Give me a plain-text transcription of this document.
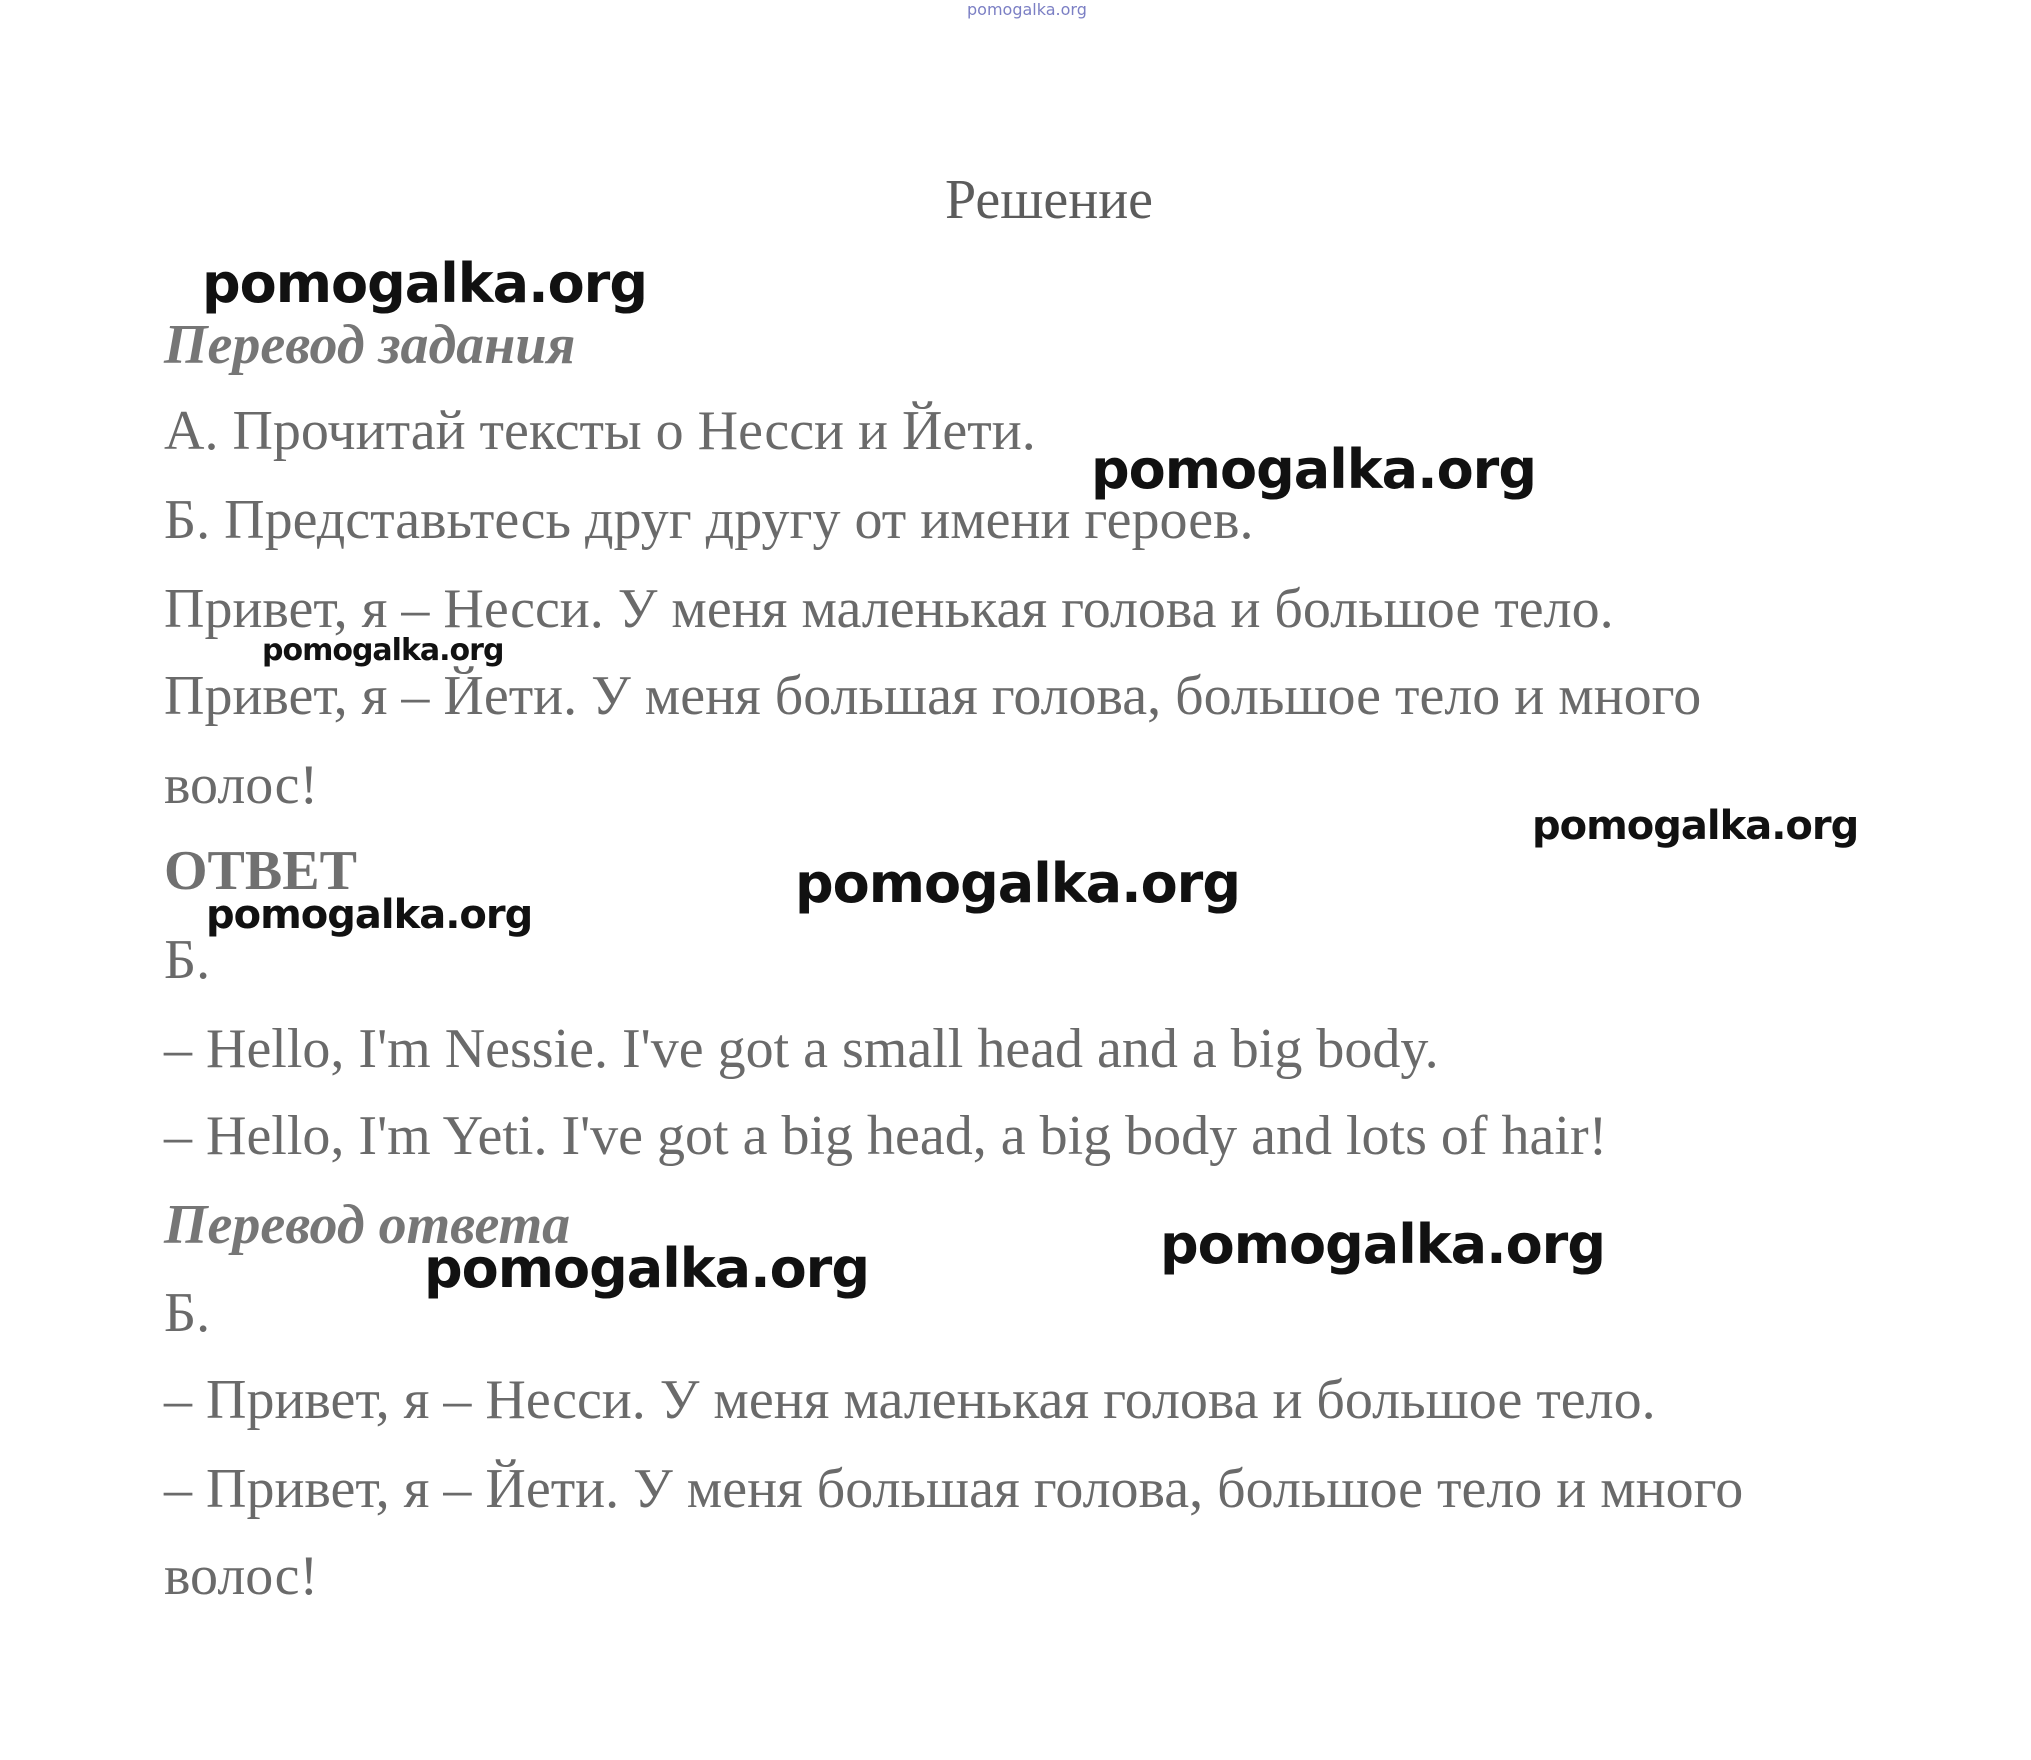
pomogalka.org
Решение
Перевод задания
А. Прочитай тексты о Несси и Йети.
Б. Представьтесь друг другу от имени героев.
Привет, я – Несси. У меня маленькая голова и большое тело.
Привет, я – Йети. У меня большая голова, большое тело и много
волос!
ОТВЕТ
Б.
– Hello, I'm Nessie. I've got a small head and a big body.
– Hello, I'm Yeti. I've got a big head, a big body and lots of hair!
Перевод ответа
Б.
– Привет, я – Несси. У меня маленькая голова и большое тело.
– Привет, я – Йети. У меня большая голова, большое тело и много
волос!
pomogalka.org
pomogalka.org
pomogalka.org
pomogalka.org
pomogalka.org
pomogalka.org
pomogalka.org
pomogalka.org
